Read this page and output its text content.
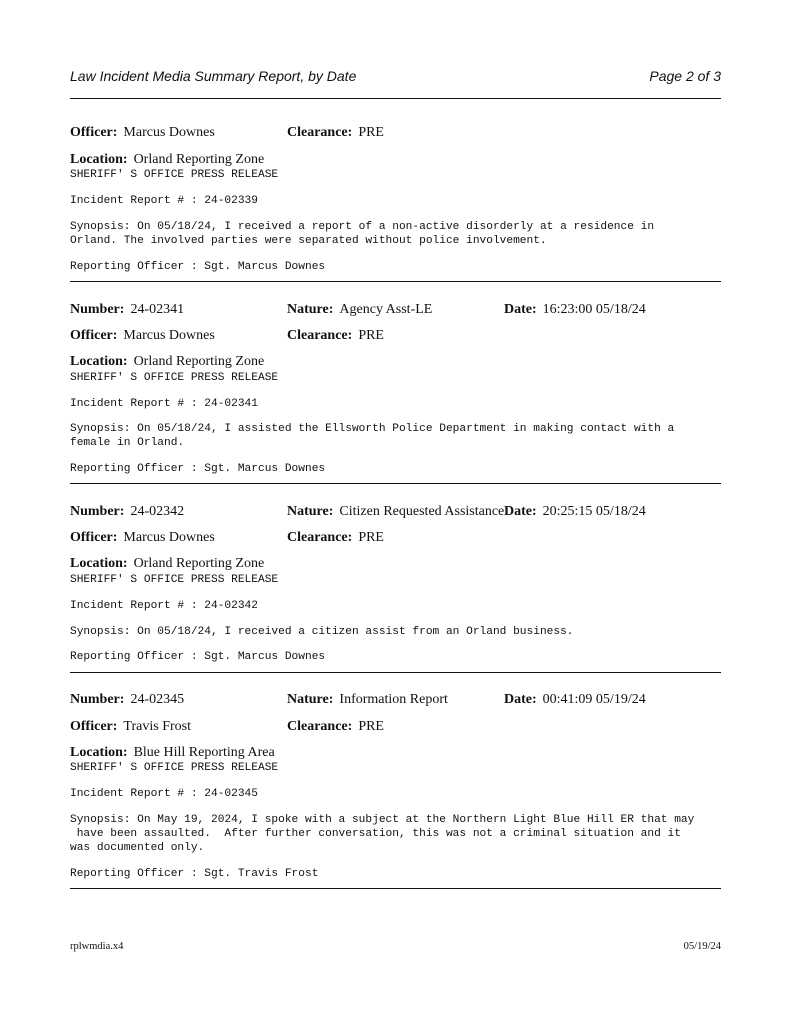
Law Incident Media Summary Report, by Date	Page 2 of 3
Officer: Marcus Downes	Clearance: PRE
Location: Orland Reporting Zone
SHERIFF' S OFFICE PRESS RELEASE
Incident Report # : 24-02339
Synopsis: On 05/18/24, I received a report of a non-active disorderly at a residence in
Orland. The involved parties were separated without police involvement.
Reporting Officer : Sgt. Marcus Downes
Number: 24-02341	Nature: Agency Asst-LE	Date: 16:23:00 05/18/24
Officer: Marcus Downes	Clearance: PRE
Location: Orland Reporting Zone
SHERIFF' S OFFICE PRESS RELEASE
Incident Report # : 24-02341
Synopsis: On 05/18/24, I assisted the Ellsworth Police Department in making contact with a
female in Orland.
Reporting Officer : Sgt. Marcus Downes
Number: 24-02342	Nature: Citizen Requested Assistance Date: 20:25:15 05/18/24
Officer: Marcus Downes	Clearance: PRE
Location: Orland Reporting Zone
SHERIFF' S OFFICE PRESS RELEASE
Incident Report # : 24-02342
Synopsis: On 05/18/24, I received a citizen assist from an Orland business.
Reporting Officer : Sgt. Marcus Downes
Number: 24-02345	Nature: Information Report	Date: 00:41:09 05/19/24
Officer: Travis Frost	Clearance: PRE
Location: Blue Hill Reporting Area
SHERIFF' S OFFICE PRESS RELEASE
Incident Report # : 24-02345
Synopsis: On May 19, 2024, I spoke with a subject at the Northern Light Blue Hill ER that may
have been assaulted.  After further conversation, this was not a criminal situation and it
was documented only.
Reporting Officer : Sgt. Travis Frost
rplwmdia.x4	05/19/24
